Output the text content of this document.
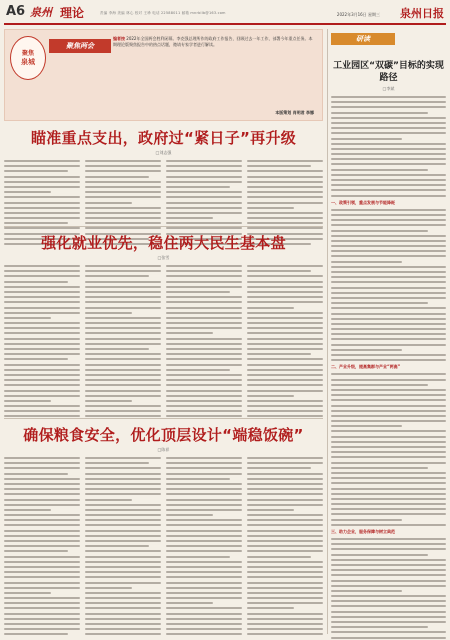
A6 泉州 理论	责编 李海 美编 林心 校对 王珍 电话 22588011 邮箱 mnrbllb@163.com	2022年3月16日 星期三 泉州日报
聚焦
泉城
聚焦两会
编者按 2022年全国两会胜利闭幕。李克强总理所作的政府工作报告，回顾过去一年工作，部署今年重点任务。本期理论版聚焦报告中的热点话题，邀请专家学者进行解读。
本版策划 肖明君 李娜
瞄准重点支出，政府过“紧日子”再升级
□刘志强
强化就业优先，稳住两大民生基本盘
□张雪
确保粮食安全，优化顶层设计“端稳饭碗”
□陈祥
研读
工业园区“双碳”目标的实现路径
□李斌
一、政策引领，重点发展与节能降耗
二、产业升级，提高集群与产业“两高”
三、助力企业，服务保障与树立典范
